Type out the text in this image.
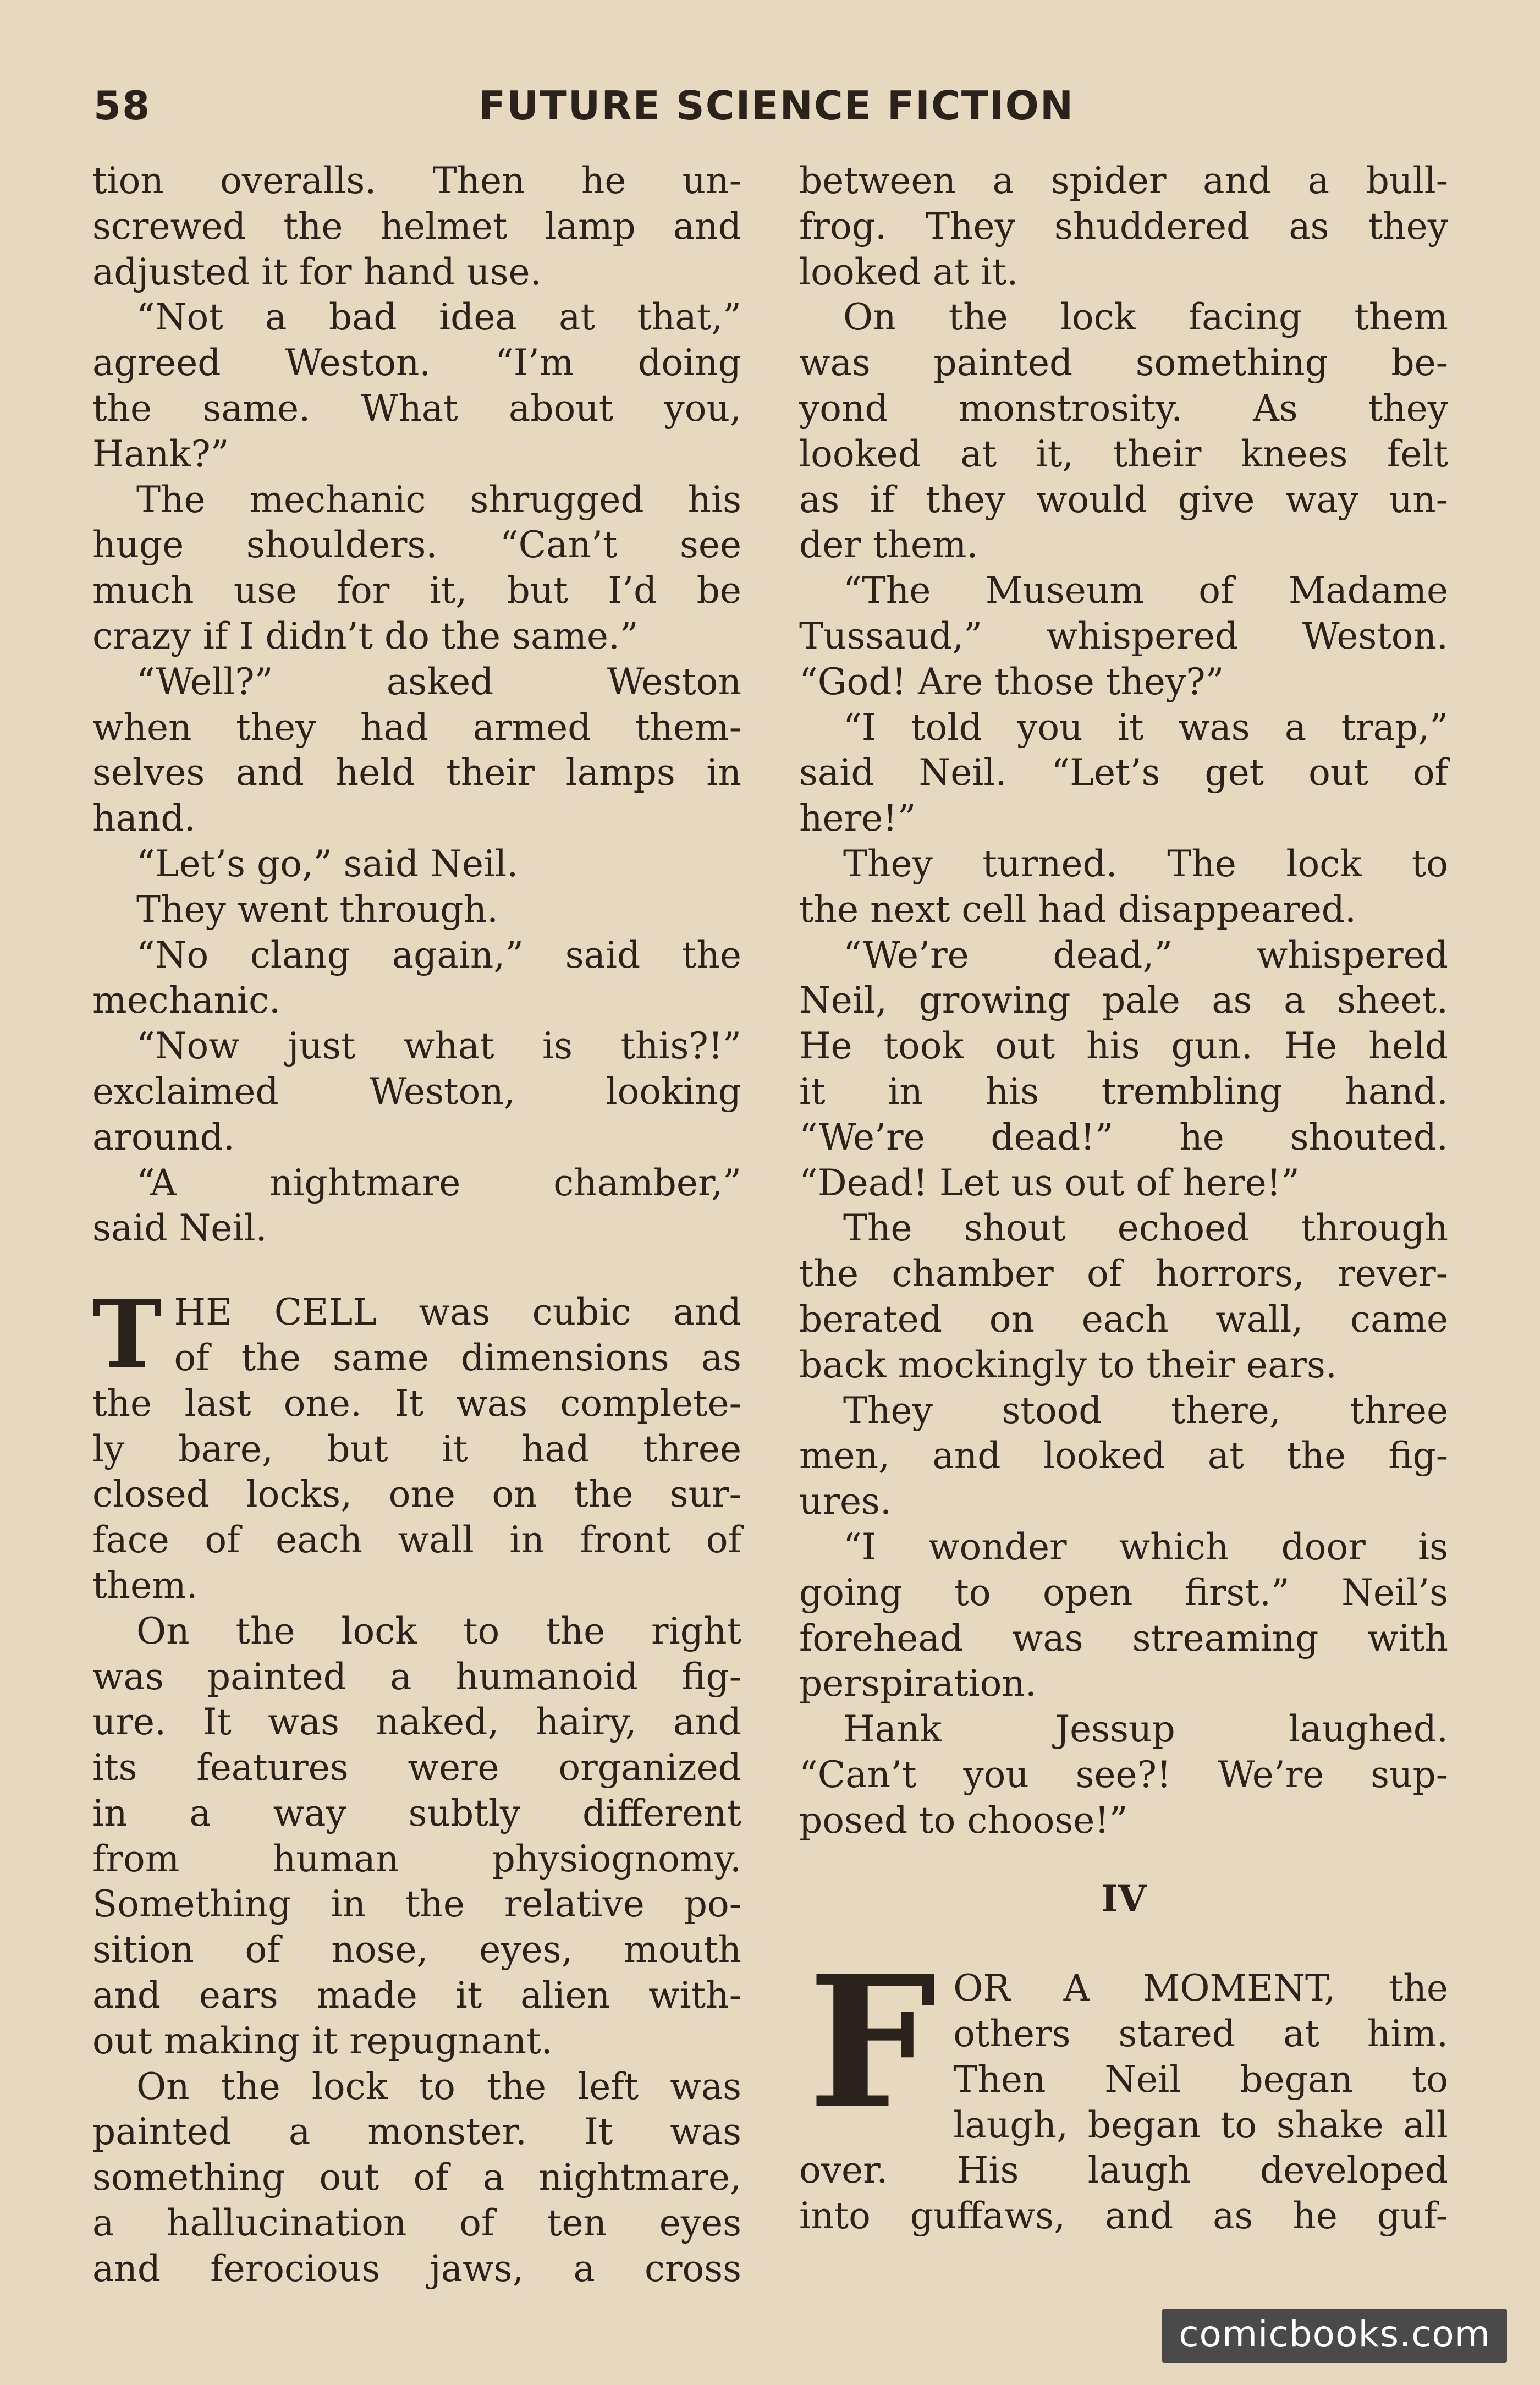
58	FUTURE SCIENCE FICTION

tion overalls. Then he un-
screwed the helmet lamp and
adjusted it for hand use.

“Not a bad idea at that,”
agreed Weston. “I’m doing
the same. What about you,
Hank?”

The mechanic shrugged his
huge shoulders. “Can’t see
much use for it, but I’d be
crazy if I didn’t do the same.”

“Well?” asked Weston
when they had armed them-
selves and held their lamps in
hand.

“Let’s go,” said Neil.

They went through.

“No clang again,” said the
mechanic.

“Now just what is this?!”
exclaimed Weston, looking
around.

“A nightmare chamber,”
said Neil.

T HE CELL was cubic and
of the same dimensions as
the last one. It was complete-
ly bare, but it had three
closed locks, one on the sur-
face of each wall in front of
them.

On the lock to the right
was painted a humanoid fig-
ure. It was naked, hairy, and
its features were organized
in a way subtly different
from human physiognomy.
Something in the relative po-
sition of nose, eyes, mouth
and ears made it alien with-
out making it repugnant.

On the lock to the left was
painted a monster. It was
something out of a nightmare,
a hallucination of ten eyes
and ferocious jaws, a cross

between a spider and a bull-
frog. They shuddered as they
looked at it.

On the lock facing them
was painted something be-
yond monstrosity. As they
looked at it, their knees felt
as if they would give way un-
der them.

“The Museum of Madame
Tussaud,” whispered Weston.
“God! Are those they?”

“I told you it was a trap,”
said Neil. “Let’s get out of
here!”

They turned. The lock to
the next cell had disappeared.

“We’re dead,” whispered
Neil, growing pale as a sheet.
He took out his gun. He held
it in his trembling hand.
“We’re dead!” he shouted.
“Dead! Let us out of here!”

The shout echoed through
the chamber of horrors, rever-
berated on each wall, came
back mockingly to their ears.

They stood there, three
men, and looked at the fig-
ures.

“I wonder which door is
going to open first.” Neil’s
forehead was streaming with
perspiration.

Hank Jessup laughed.
“Can’t you see?! We’re sup-
posed to choose!”

IV

F OR A MOMENT, the
others stared at him.
Then Neil began to
laugh, began to shake all
over. His laugh developed
into guffaws, and as he guf-

comicbooks.com
